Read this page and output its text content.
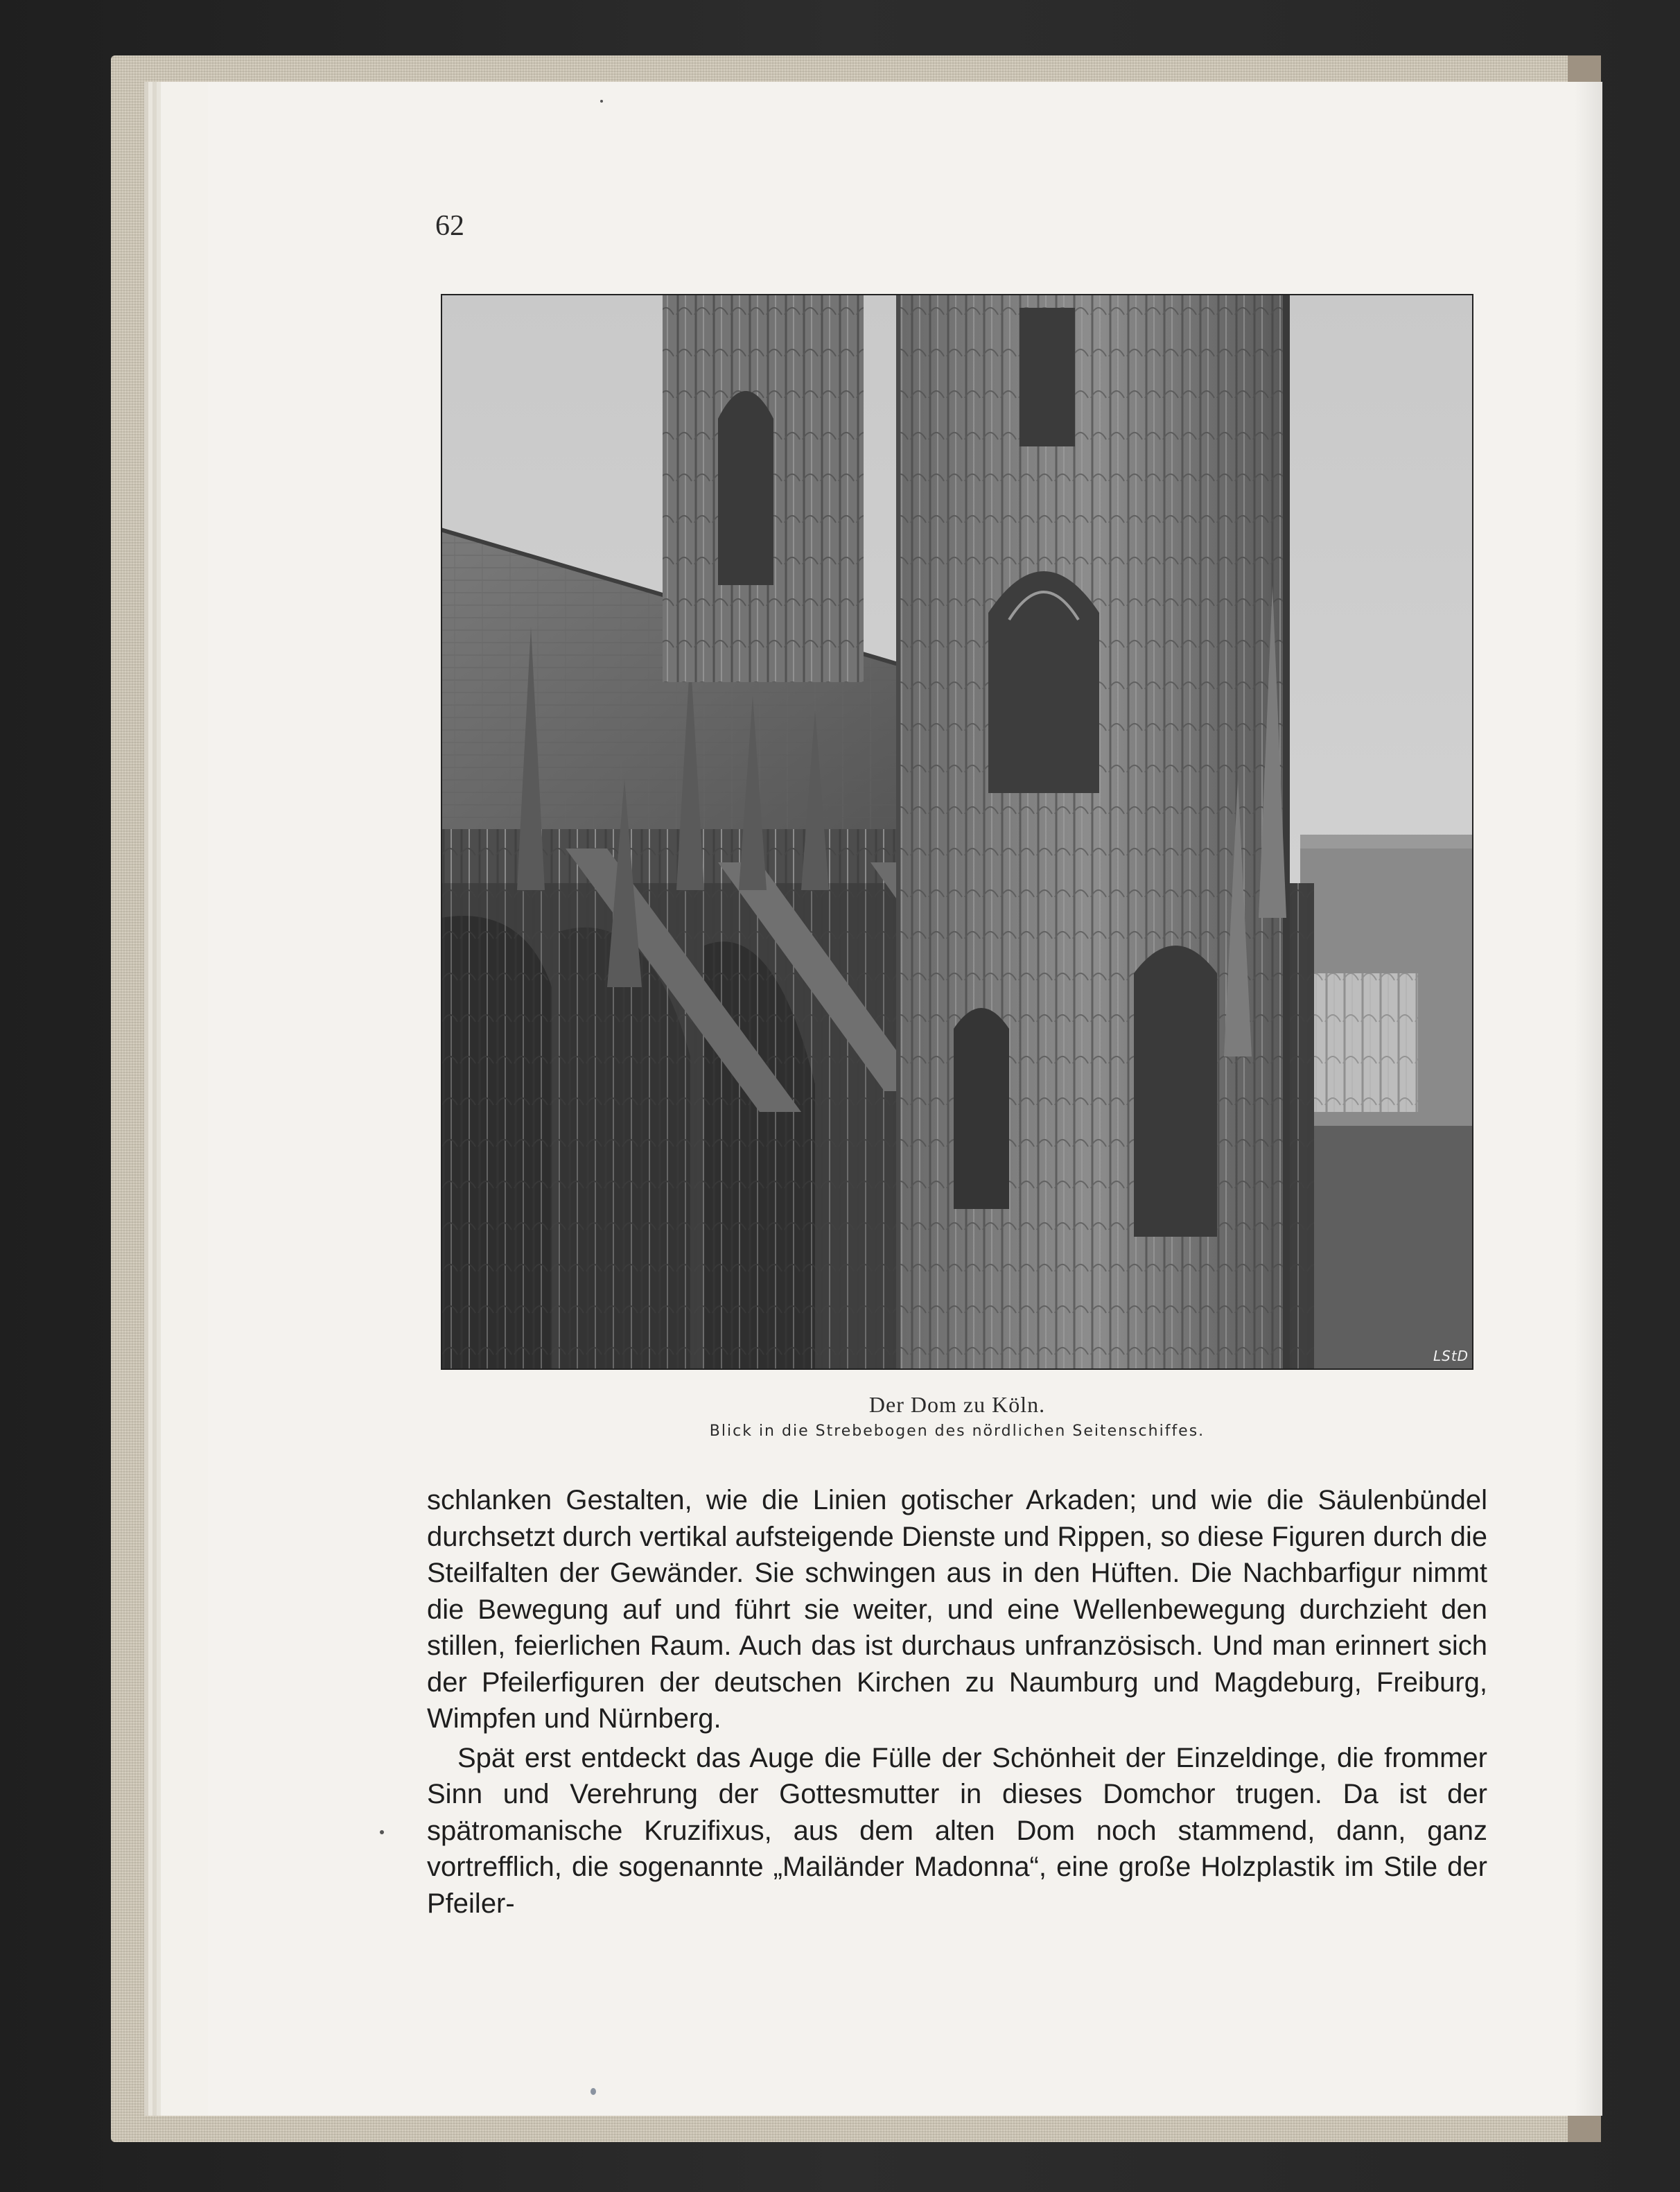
62
LStD
Der Dom zu Köln.
Blick in die Strebebogen des nördlichen Seitenschiffes.

schlanken Gestalten, wie die Linien gotischer Arkaden; und wie die Säulenbündel durchsetzt durch vertikal aufsteigende Dienste und Rippen, so diese Figuren durch die Steilfalten der Gewänder. Sie schwingen aus in den Hüften. Die Nachbarfigur nimmt die Bewegung auf und führt sie weiter, und eine Wellenbewegung durchzieht den stillen, feierlichen Raum. Auch das ist durchaus unfranzösisch. Und man erinnert sich der Pfeilerfiguren der deutschen Kirchen zu Naumburg und Magdeburg, Freiburg, Wimpfen und Nürnberg.

Spät erst entdeckt das Auge die Fülle der Schönheit der Einzeldinge, die frommer Sinn und Verehrung der Gottesmutter in dieses Domchor trugen. Da ist der spätromanische Kruzifixus, aus dem alten Dom noch stammend, dann, ganz vortrefflich, die sogenannte „Mailänder Madonna“, eine große Holzplastik im Stile der Pfeiler-
